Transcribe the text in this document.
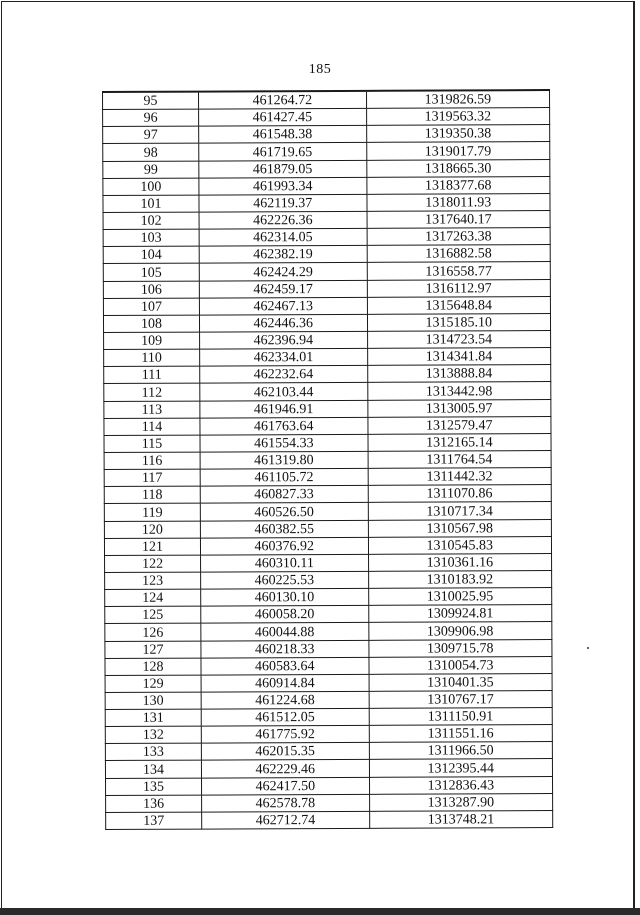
185
95	461264.72	1319826.59
96	461427.45	1319563.32
97	461548.38	1319350.38
98	461719.65	1319017.79
99	461879.05	1318665.30
100	461993.34	1318377.68
101	462119.37	1318011.93
102	462226.36	1317640.17
103	462314.05	1317263.38
104	462382.19	1316882.58
105	462424.29	1316558.77
106	462459.17	1316112.97
107	462467.13	1315648.84
108	462446.36	1315185.10
109	462396.94	1314723.54
110	462334.01	1314341.84
111	462232.64	1313888.84
112	462103.44	1313442.98
113	461946.91	1313005.97
114	461763.64	1312579.47
115	461554.33	1312165.14
116	461319.80	1311764.54
117	461105.72	1311442.32
118	460827.33	1311070.86
119	460526.50	1310717.34
120	460382.55	1310567.98
121	460376.92	1310545.83
122	460310.11	1310361.16
123	460225.53	1310183.92
124	460130.10	1310025.95
125	460058.20	1309924.81
126	460044.88	1309906.98
127	460218.33	1309715.78
128	460583.64	1310054.73
129	460914.84	1310401.35
130	461224.68	1310767.17
131	461512.05	1311150.91
132	461775.92	1311551.16
133	462015.35	1311966.50
134	462229.46	1312395.44
135	462417.50	1312836.43
136	462578.78	1313287.90
137	462712.74	1313748.21
